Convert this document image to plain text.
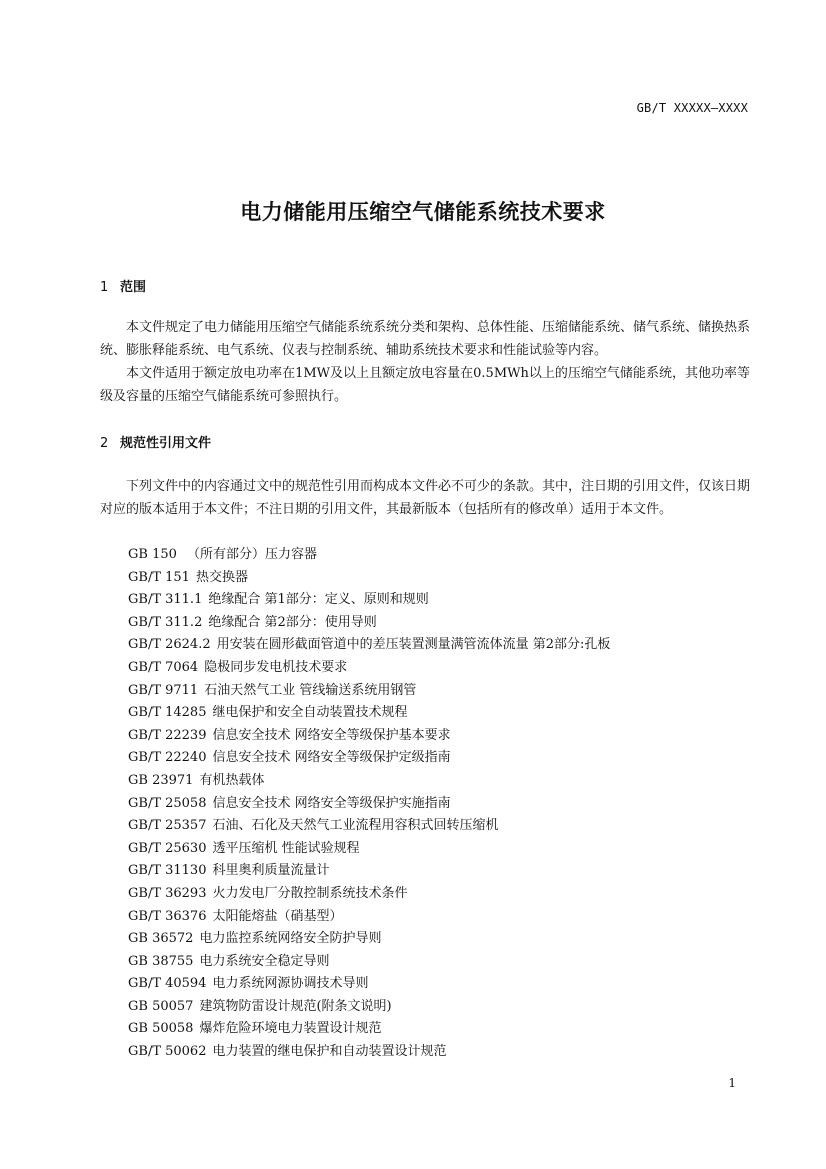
GB/T XXXXX—XXXX
电力储能用压缩空气储能系统技术要求
1 范围
本文件规定了电力储能用压缩空气储能系统系统分类和架构、总体性能、压缩储能系统、储气系统、储换热系统、膨胀释能系统、电气系统、仪表与控制系统、辅助系统技术要求和性能试验等内容。
本文件适用于额定放电功率在1MW及以上且额定放电容量在0.5MWh以上的压缩空气储能系统，其他功率等级及容量的压缩空气储能系统可参照执行。
2 规范性引用文件
下列文件中的内容通过文中的规范性引用而构成本文件必不可少的条款。其中，注日期的引用文件，仅该日期对应的版本适用于本文件；不注日期的引用文件，其最新版本（包括所有的修改单）适用于本文件。
GB 150 （所有部分）压力容器
GB/T 151 热交换器
GB/T 311.1 绝缘配合 第1部分：定义、原则和规则
GB/T 311.2 绝缘配合 第2部分：使用导则
GB/T 2624.2 用安装在圆形截面管道中的差压装置测量满管流体流量 第2部分:孔板
GB/T 7064 隐极同步发电机技术要求
GB/T 9711 石油天然气工业 管线输送系统用钢管
GB/T 14285 继电保护和安全自动装置技术规程
GB/T 22239 信息安全技术 网络安全等级保护基本要求
GB/T 22240 信息安全技术 网络安全等级保护定级指南
GB 23971 有机热载体
GB/T 25058 信息安全技术 网络安全等级保护实施指南
GB/T 25357 石油、石化及天然气工业流程用容积式回转压缩机
GB/T 25630 透平压缩机 性能试验规程
GB/T 31130 科里奥利质量流量计
GB/T 36293 火力发电厂分散控制系统技术条件
GB/T 36376 太阳能熔盐（硝基型）
GB 36572 电力监控系统网络安全防护导则
GB 38755 电力系统安全稳定导则
GB/T 40594 电力系统网源协调技术导则
GB 50057 建筑物防雷设计规范(附条文说明)
GB 50058 爆炸危险环境电力装置设计规范
GB/T 50062 电力装置的继电保护和自动装置设计规范
1
